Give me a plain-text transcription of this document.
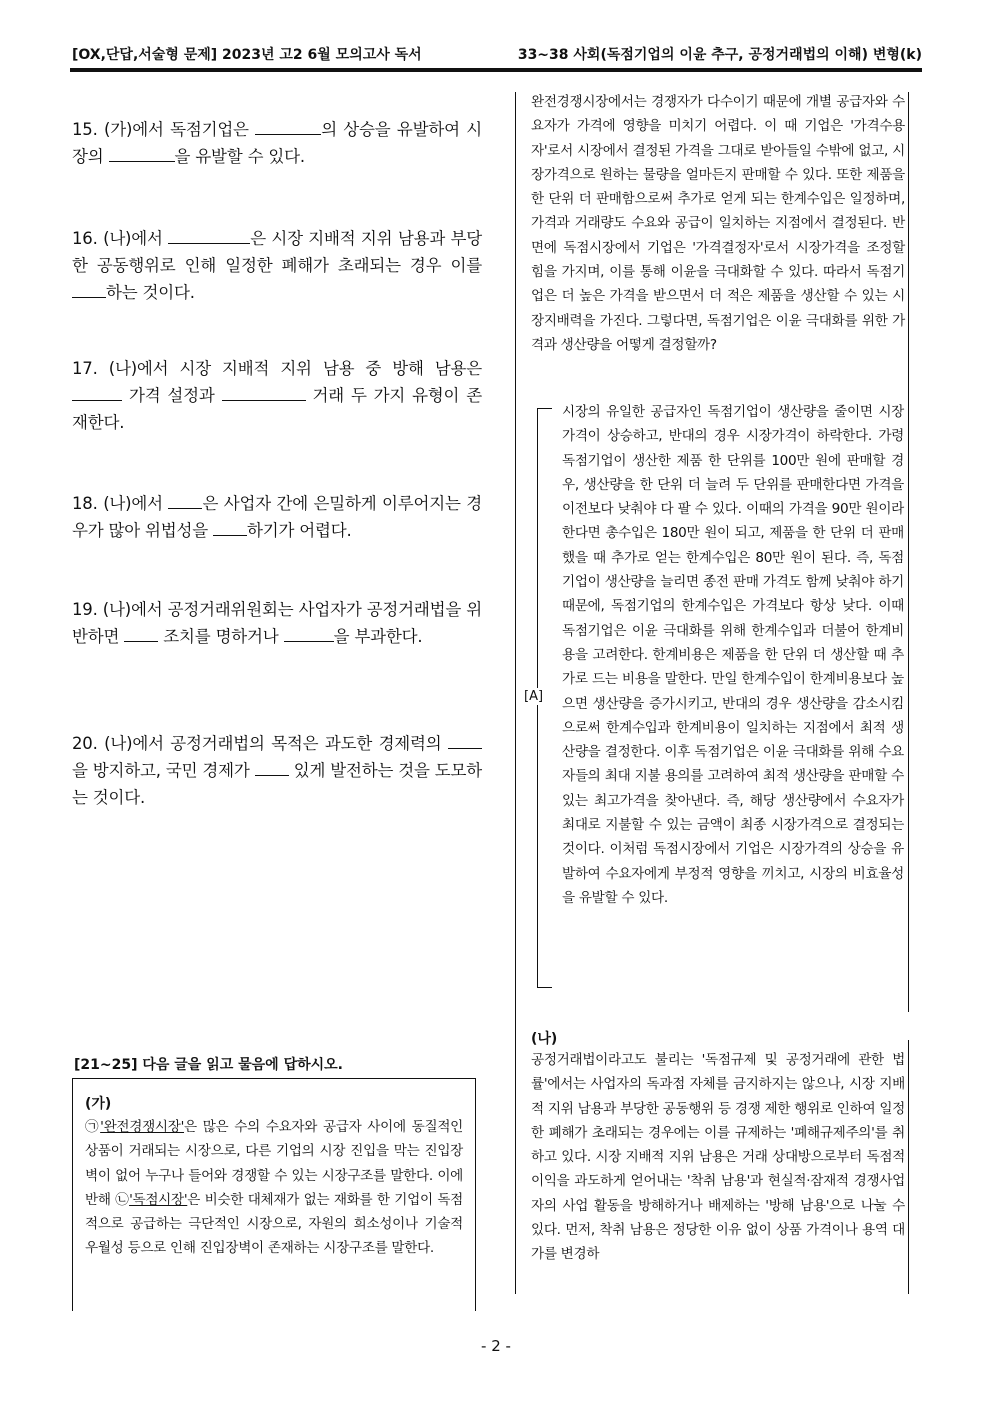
[OX,단답,서술형 문제] 2023년 고2 6월 모의고사 독서	33~38 사회(독점기업의 이윤 추구, 공정거래법의 이해) 변형(k)
15. (가)에서 독점기업은	의 상승을 유발하여 시장의	을 유발할 수 있다.
16. (나)에서	은 시장 지배적 지위 남용과 부당한 공동행위로 인해 일정한 폐해가 초래되는 경우 이를 하는 것이다.
17. (나)에서 시장 지배적 지위 남용 중 방해 남용은  가격 설정과	거래 두 가지 유형이 존재한다.
18. (나)에서 은 사업자 간에 은밀하게 이루어지는 경우가 많아 위법성을 하기가 어렵다.
19. (나)에서 공정거래위원회는 사업자가 공정거래법을 위반하면  조치를 명하거나	을 부과한다.
20. (나)에서 공정거래법의 목적은 과도한 경제력의 을 방지하고, 국민 경제가  있게 발전하는 것을 도모하는 것이다.
[21~25] 다음 글을 읽고 물음에 답하시오.
(가)
㉠'완전경쟁시장'은 많은 수의 수요자와 공급자 사이에 동질적인 상품이 거래되는 시장으로, 다른 기업의 시장 진입을 막는 진입장벽이 없어 누구나 들어와 경쟁할 수 있는 시장구조를 말한다. 이에 반해 ㉡'독점시장'은 비슷한 대체재가 없는 재화를 한 기업이 독점적으로 공급하는 극단적인 시장으로, 자원의 희소성이나 기술적 우월성 등으로 인해 진입장벽이 존재하는 시장구조를 말한다.
완전경쟁시장에서는 경쟁자가 다수이기 때문에 개별 공급자와 수요자가 가격에 영향을 미치기 어렵다. 이 때 기업은 '가격수용자'로서 시장에서 결정된 가격을 그대로 받아들일 수밖에 없고, 시장가격으로 원하는 물량을 얼마든지 판매할 수 있다. 또한 제품을 한 단위 더 판매함으로써 추가로 얻게 되는 한계수입은 일정하며, 가격과 거래량도 수요와 공급이 일치하는 지점에서 결정된다. 반면에 독점시장에서 기업은 '가격결정자'로서 시장가격을 조정할 힘을 가지며, 이를 통해 이윤을 극대화할 수 있다. 따라서 독점기업은 더 높은 가격을 받으면서 더 적은 제품을 생산할 수 있는 시장지배력을 가진다. 그렇다면, 독점기업은 이윤 극대화를 위한 가격과 생산량을 어떻게 결정할까?
[A]
시장의 유일한 공급자인 독점기업이 생산량을 줄이면 시장가격이 상승하고, 반대의 경우 시장가격이 하락한다. 가령 독점기업이 생산한 제품 한 단위를 100만 원에 판매할 경우, 생산량을 한 단위 더 늘려 두 단위를 판매한다면 가격을 이전보다 낮춰야 다 팔 수 있다. 이때의 가격을 90만 원이라 한다면 총수입은 180만 원이 되고, 제품을 한 단위 더 판매했을 때 추가로 얻는 한계수입은 80만 원이 된다. 즉, 독점기업이 생산량을 늘리면 종전 판매 가격도 함께 낮춰야 하기 때문에, 독점기업의 한계수입은 가격보다 항상 낮다. 이때 독점기업은 이윤 극대화를 위해 한계수입과 더불어 한계비용을 고려한다. 한계비용은 제품을 한 단위 더 생산할 때 추가로 드는 비용을 말한다. 만일 한계수입이 한계비용보다 높으면 생산량을 증가시키고, 반대의 경우 생산량을 감소시킴으로써 한계수입과 한계비용이 일치하는 지점에서 최적 생산량을 결정한다. 이후 독점기업은 이윤 극대화를 위해 수요자들의 최대 지불 용의를 고려하여 최적 생산량을 판매할 수 있는 최고가격을 찾아낸다. 즉, 해당 생산량에서 수요자가 최대로 지불할 수 있는 금액이 최종 시장가격으로 결정되는 것이다. 이처럼 독점시장에서 기업은 시장가격의 상승을 유발하여 수요자에게 부정적 영향을 끼치고, 시장의 비효율성을 유발할 수 있다.
(나)
공정거래법이라고도 불리는 '독점규제 및 공정거래에 관한 법률'에서는 사업자의 독과점 자체를 금지하지는 않으나, 시장 지배적 지위 남용과 부당한 공동행위 등 경쟁 제한 행위로 인하여 일정한 폐해가 초래되는 경우에는 이를 규제하는 '폐해규제주의'를 취하고 있다. 시장 지배적 지위 남용은 거래 상대방으로부터 독점적 이익을 과도하게 얻어내는 '착취 남용'과 현실적·잠재적 경쟁사업자의 사업 활동을 방해하거나 배제하는 '방해 남용'으로 나눌 수 있다. 먼저, 착취 남용은 정당한 이유 없이 상품 가격이나 용역 대가를 변경하
- 2 -
